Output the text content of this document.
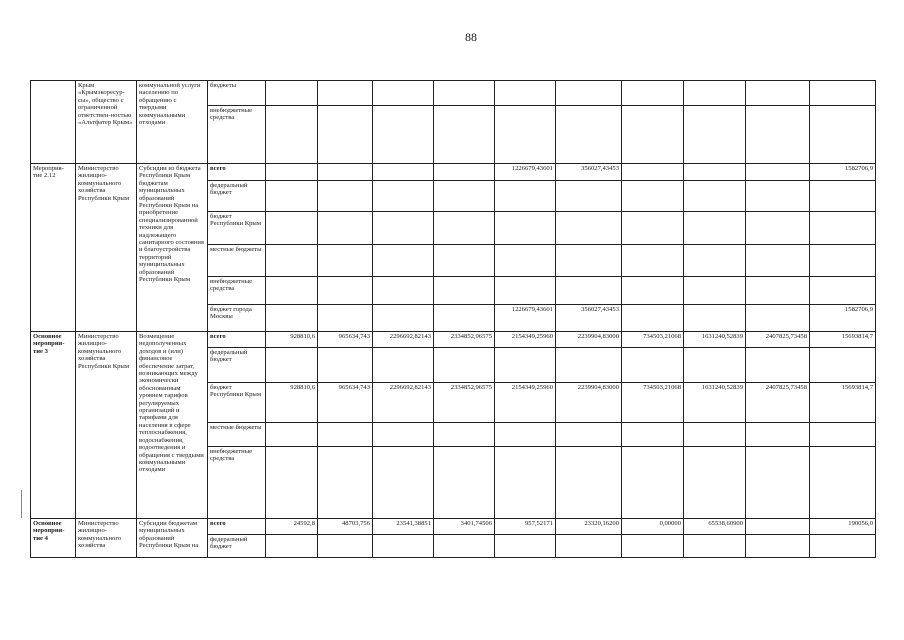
88
	Крым «Крымэкоресур-сы», общество с ограниченной ответствен-ностью «Альтфатер Крым»	коммунальной услуги населению по обращению с твердыми коммунальными отходами	бюджеты										
			внебюджетные средства										
Мероприя-тие 2.12	Министерство жилищно-коммунального хозяйства Республики Крым	Субсидии из бюджета Республики Крым бюджетам муниципальных образований Республики Крым на приобретение специализированной техники для надлежащего санитарного состояния и благоустройства территорий муниципальных образований Республики Крым	всего					1226679,43601	356027,43453				1582706,9
			федеральный бюджет										
			бюджет Республики Крым										
			местные бюджеты										
			внебюджетные средства										
			бюджет города Москвы					1226679,43601	356027,43453				1582706,9
Основное мероприя-тие 3	Министерство жилищно-коммунального хозяйства Республики Крым	Возмещение недополученных доходов и (или) финансовое обеспечение затрат, возникающих между экономически обоснованным уровнем тарифов регулируемых организаций и тарифами для населения в сфере теплоснабжения, водоснабжения, водоотведения и обращения с твердыми коммунальными отходами	всего	928810,6	965634,743	2296692,82143	2334852,96575	2154349,25960	2239904,83000	734503,21068	1631240,52839	2407825,73458	15693814,7
			федеральный бюджет										
			бюджет Республики Крым	928810,6	965634,743	2296692,82143	2334852,96575	2154349,25960	2239904,83000	734503,21068	1631240,52839	2407825,73458	15693814,7
			местные бюджеты										
			внебюджетные средства										
Основное мероприя-тие 4	Министерство жилищно-коммунального хозяйства	Субсидии бюджетам муниципальных образований Республики Крым на	всего	24592,8	48703,756	23541,38851	3401,74506	957,52171	23320,16200	0,00000	65538,60900		190056,0
			федеральный бюджет										
